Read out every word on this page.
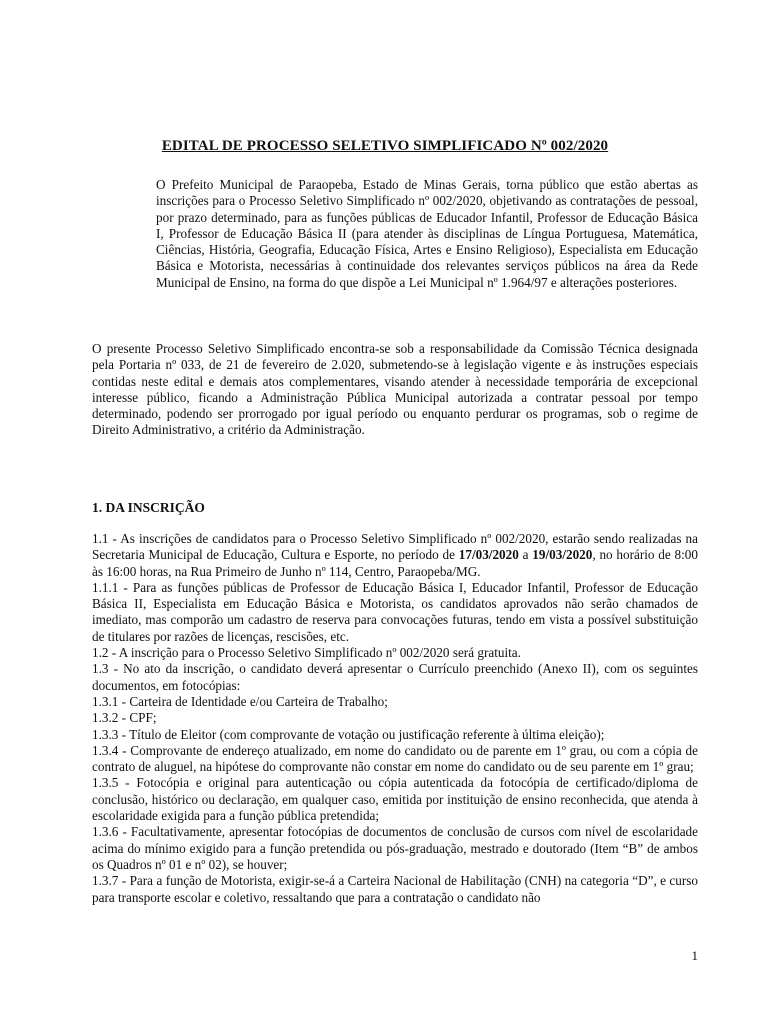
EDITAL DE PROCESSO SELETIVO SIMPLIFICADO Nº 002/2020

O Prefeito Municipal de Paraopeba, Estado de Minas Gerais, torna público que estão abertas as inscrições para o Processo Seletivo Simplificado nº 002/2020, objetivando as contratações de pessoal, por prazo determinado, para as funções públicas de Educador Infantil, Professor de Educação Básica I, Professor de Educação Básica II (para atender às disciplinas de Língua Portuguesa, Matemática, Ciências, História, Geografia, Educação Física, Artes e Ensino Religioso), Especialista em Educação Básica e Motorista, necessárias à continuidade dos relevantes serviços públicos na área da Rede Municipal de Ensino, na forma do que dispõe a Lei Municipal nº 1.964/97 e alterações posteriores.

O presente Processo Seletivo Simplificado encontra-se sob a responsabilidade da Comissão Técnica designada pela Portaria nº 033, de 21 de fevereiro de 2.020, submetendo-se à legislação vigente e às instruções especiais contidas neste edital e demais atos complementares, visando atender à necessidade temporária de excepcional interesse público, ficando a Administração Pública Municipal autorizada a contratar pessoal por tempo determinado, podendo ser prorrogado por igual período ou enquanto perdurar os programas, sob o regime de Direito Administrativo, a critério da Administração.

1. DA INSCRIÇÃO

1.1 - As inscrições de candidatos para o Processo Seletivo Simplificado nº 002/2020, estarão sendo realizadas na Secretaria Municipal de Educação, Cultura e Esporte, no período de 17/03/2020 a 19/03/2020, no horário de 8:00 às 16:00 horas, na Rua Primeiro de Junho nº 114, Centro, Paraopeba/MG.

1.1.1 - Para as funções públicas de Professor de Educação Básica I, Educador Infantil, Professor de Educação Básica II, Especialista em Educação Básica e Motorista, os candidatos aprovados não serão chamados de imediato, mas comporão um cadastro de reserva para convocações futuras, tendo em vista a possível substituição de titulares por razões de licenças, rescisões, etc.

1.2 - A inscrição para o Processo Seletivo Simplificado nº 002/2020 será gratuita.

1.3 - No ato da inscrição, o candidato deverá apresentar o Currículo preenchido (Anexo II), com os seguintes documentos, em fotocópias:

1.3.1 - Carteira de Identidade e/ou Carteira de Trabalho;

1.3.2 - CPF;

1.3.3 - Título de Eleitor (com comprovante de votação ou justificação referente à última eleição);

1.3.4 - Comprovante de endereço atualizado, em nome do candidato ou de parente em 1º grau, ou com a cópia de contrato de aluguel, na hipótese do comprovante não constar em nome do candidato ou de seu parente em 1º grau;

1.3.5 - Fotocópia e original para autenticação ou cópia autenticada da fotocópia de certificado/diploma de conclusão, histórico ou declaração, em qualquer caso, emitida por instituição de ensino reconhecida, que atenda à escolaridade exigida para a função pública pretendida;

1.3.6 - Facultativamente, apresentar fotocópias de documentos de conclusão de cursos com nível de escolaridade acima do mínimo exigido para a função pretendida ou pós-graduação, mestrado e doutorado (Item “B” de ambos os Quadros nº 01 e nº 02), se houver;

1.3.7 - Para a função de Motorista, exigir-se-á a Carteira Nacional de Habilitação (CNH) na categoria “D”, e curso para transporte escolar e coletivo, ressaltando que para a contratação o candidato não

1
